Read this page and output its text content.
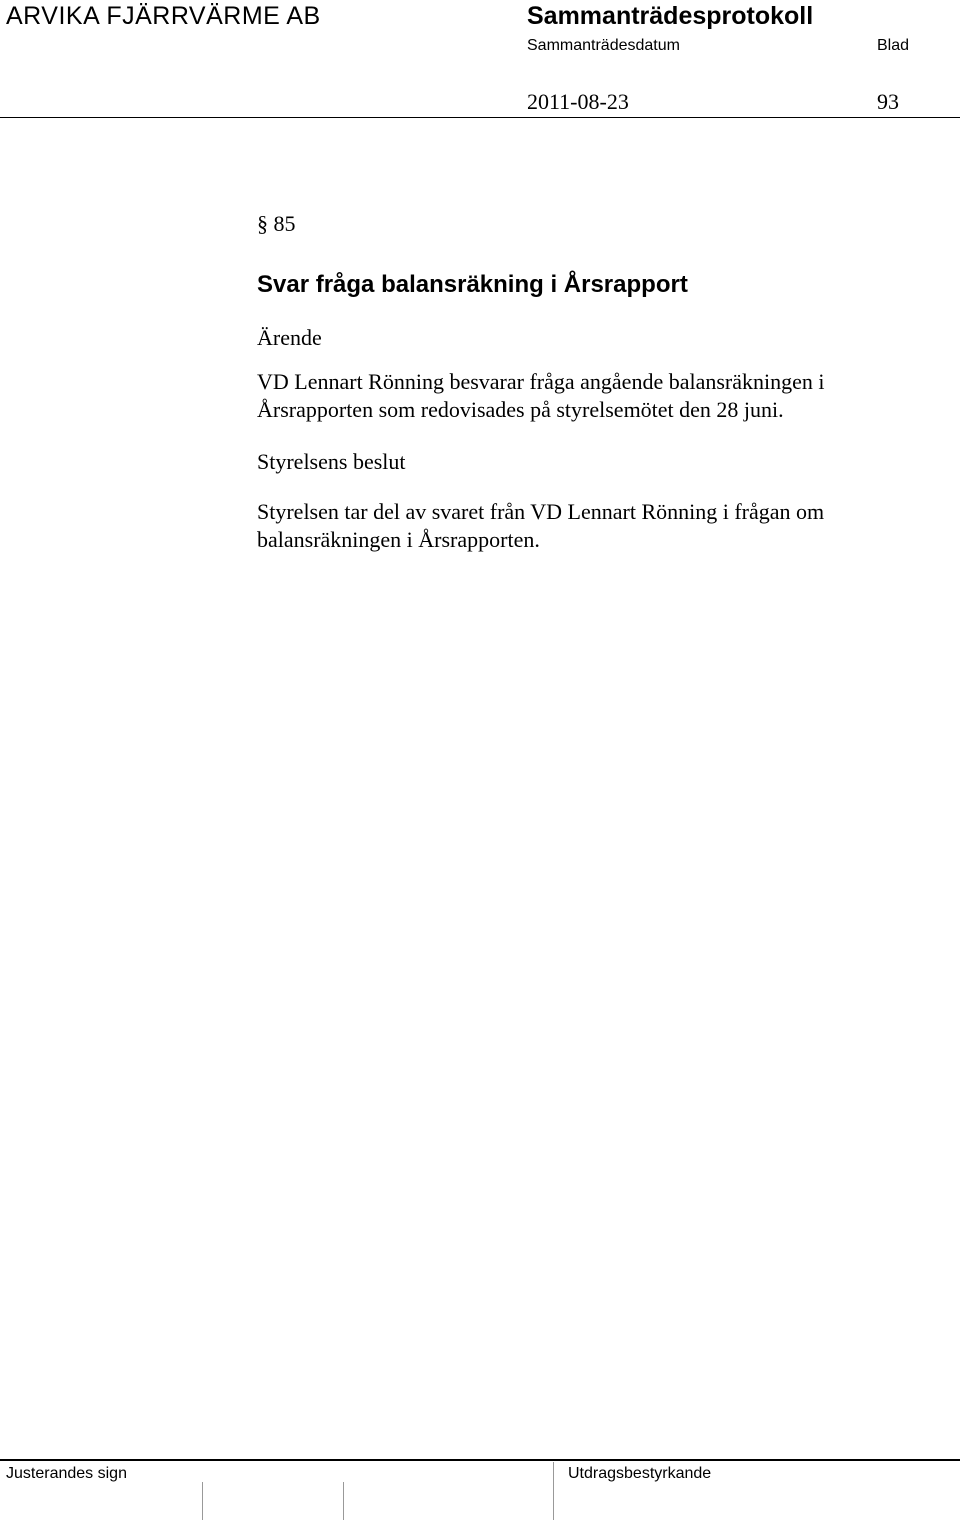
ARVIKA FJÄRRVÄRME AB	Sammanträdesprotokoll
Sammanträdesdatum	Blad
2011-08-23	93

§ 85

Svar fråga balansräkning i Årsrapport

Ärende

VD Lennart Rönning besvarar fråga angående balansräkningen i Årsrapporten som redovisades på styrelsemötet den 28 juni.

Styrelsens beslut

Styrelsen tar del av svaret från VD Lennart Rönning i frågan om balansräkningen i Årsrapporten.

Justerandes sign	Utdragsbestyrkande
